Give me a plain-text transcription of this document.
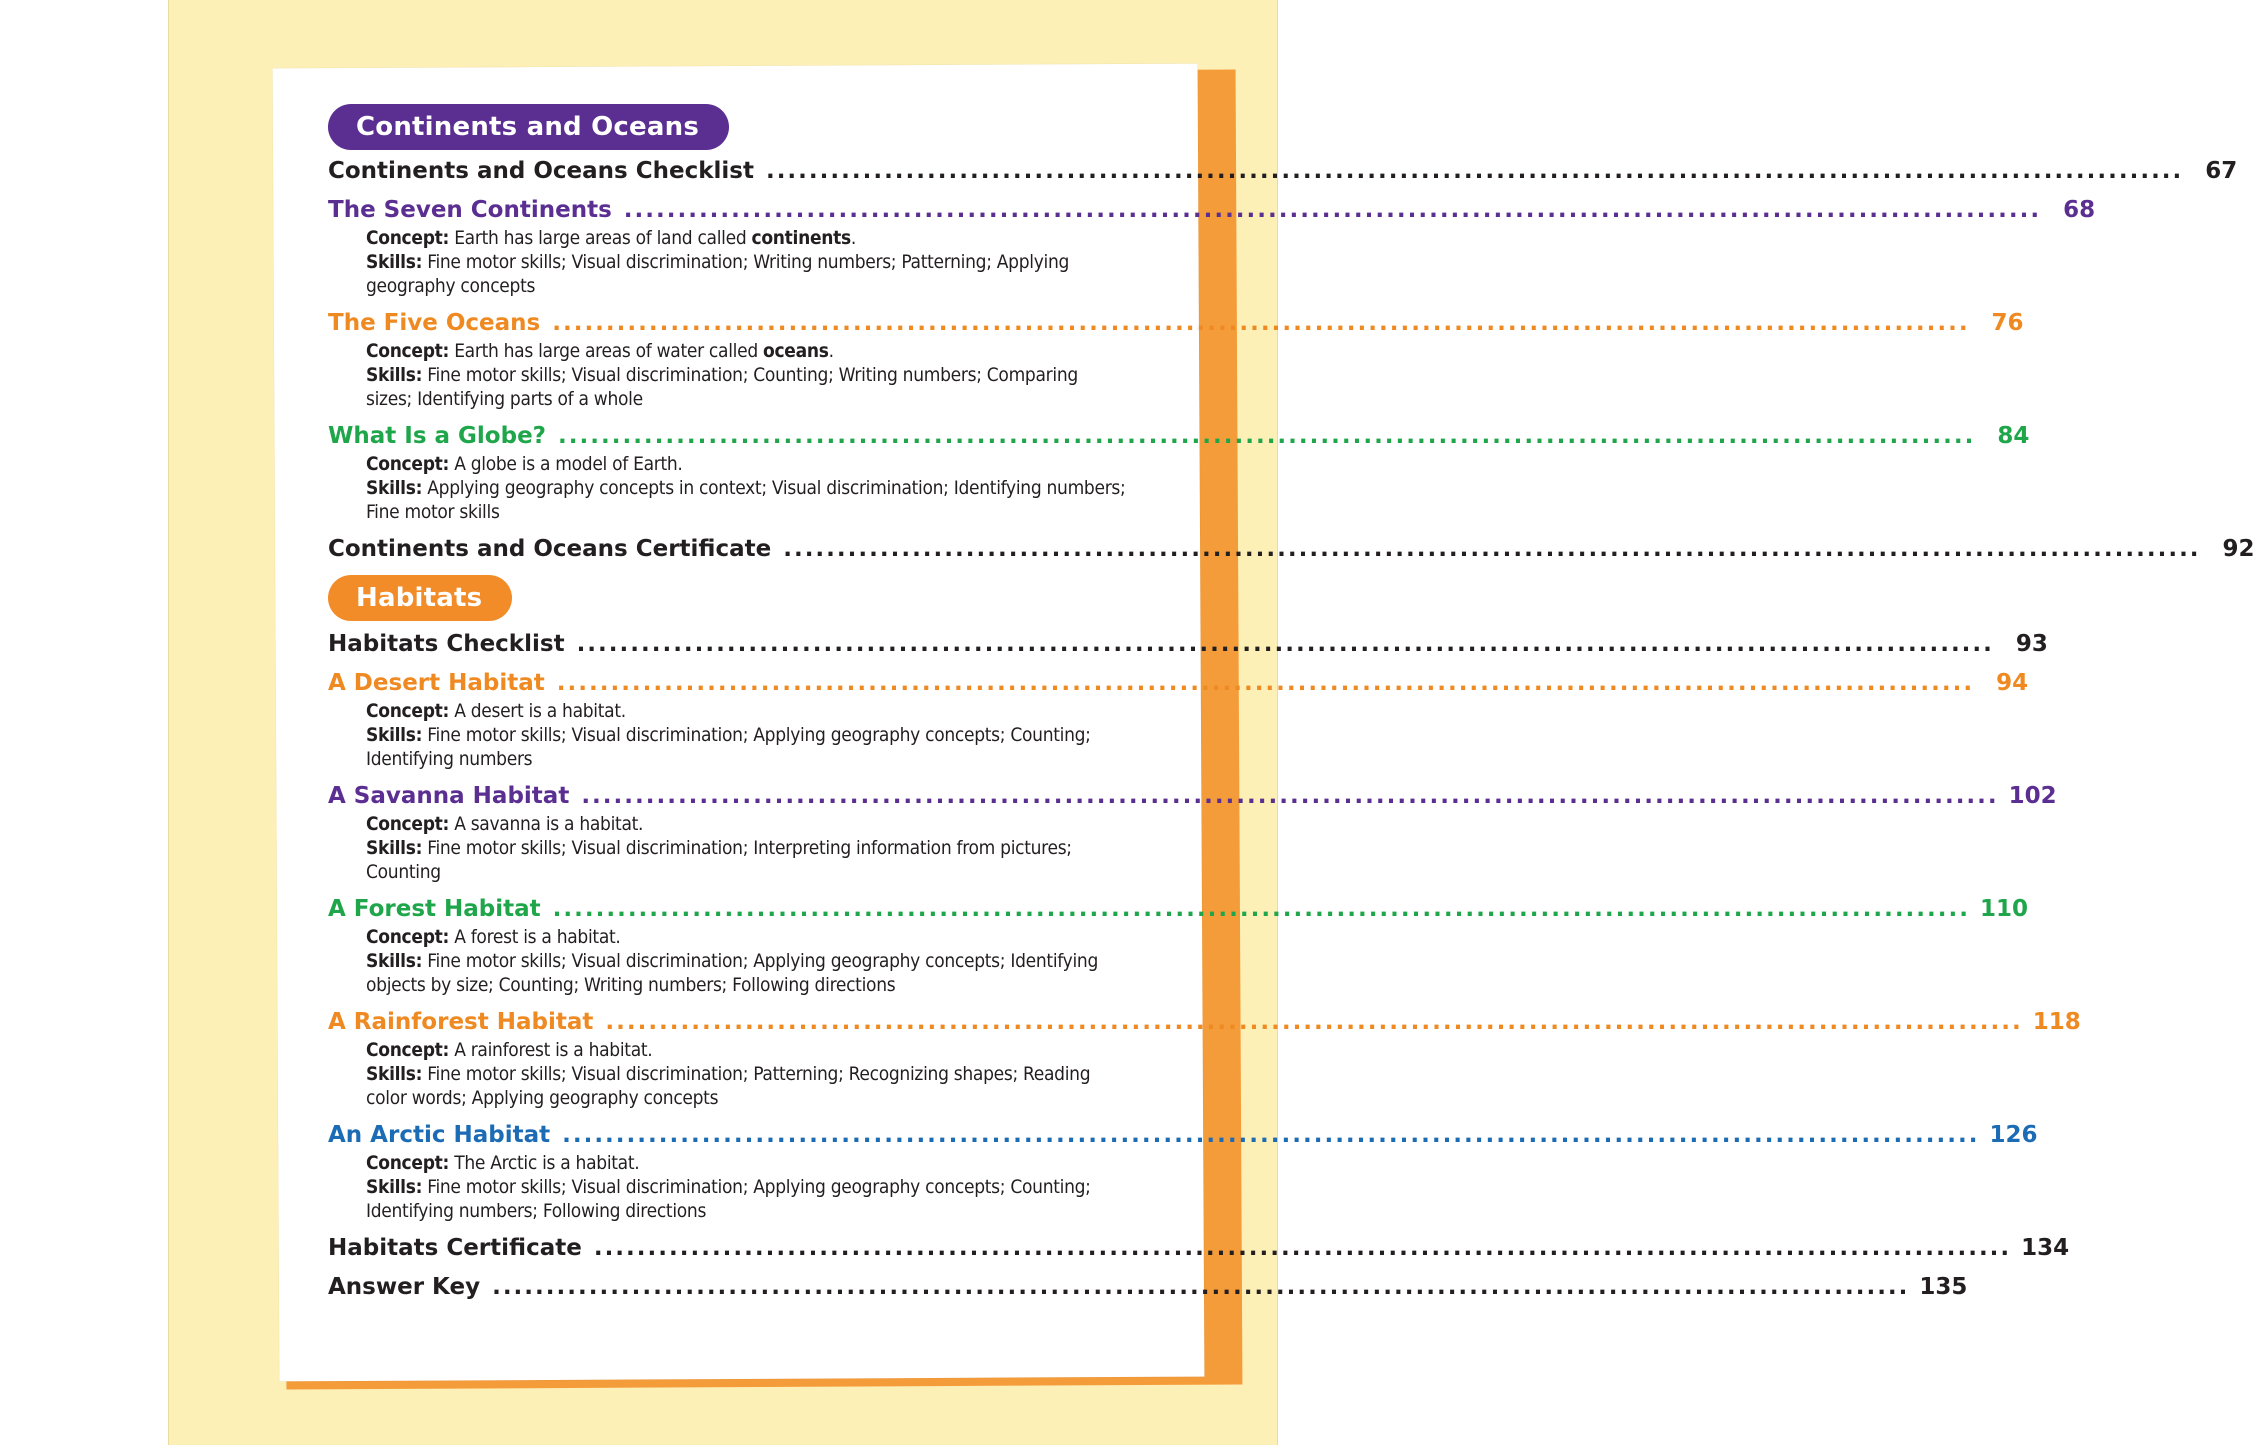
Continents and Oceans
Continents and Oceans Checklist .................................................................................................................................... 67
The Seven Continents .................................................................................................................................... 68
Concept: Earth has large areas of land called continents.
Skills: Fine motor skills; Visual discrimination; Writing numbers; Patterning; Applying geography concepts
The Five Oceans .................................................................................................................................... 76
Concept: Earth has large areas of water called oceans.
Skills: Fine motor skills; Visual discrimination; Counting; Writing numbers; Comparing sizes; Identifying parts of a whole
What Is a Globe? .................................................................................................................................... 84
Concept: A globe is a model of Earth.
Skills: Applying geography concepts in context; Visual discrimination; Identifying numbers; Fine motor skills
Continents and Oceans Certificate .................................................................................................................................... 92
Habitats
Habitats Checklist .................................................................................................................................... 93
A Desert Habitat .................................................................................................................................... 94
Concept: A desert is a habitat.
Skills: Fine motor skills; Visual discrimination; Applying geography concepts; Counting; Identifying numbers
A Savanna Habitat .................................................................................................................................... 102
Concept: A savanna is a habitat.
Skills: Fine motor skills; Visual discrimination; Interpreting information from pictures; Counting
A Forest Habitat .................................................................................................................................... 110
Concept: A forest is a habitat.
Skills: Fine motor skills; Visual discrimination; Applying geography concepts; Identifying objects by size; Counting; Writing numbers; Following directions
A Rainforest Habitat .................................................................................................................................... 118
Concept: A rainforest is a habitat.
Skills: Fine motor skills; Visual discrimination; Patterning; Recognizing shapes; Reading color words; Applying geography concepts
An Arctic Habitat .................................................................................................................................... 126
Concept: The Arctic is a habitat.
Skills: Fine motor skills; Visual discrimination; Applying geography concepts; Counting; Identifying numbers; Following directions
Habitats Certificate .................................................................................................................................... 134
Answer Key .................................................................................................................................... 135
